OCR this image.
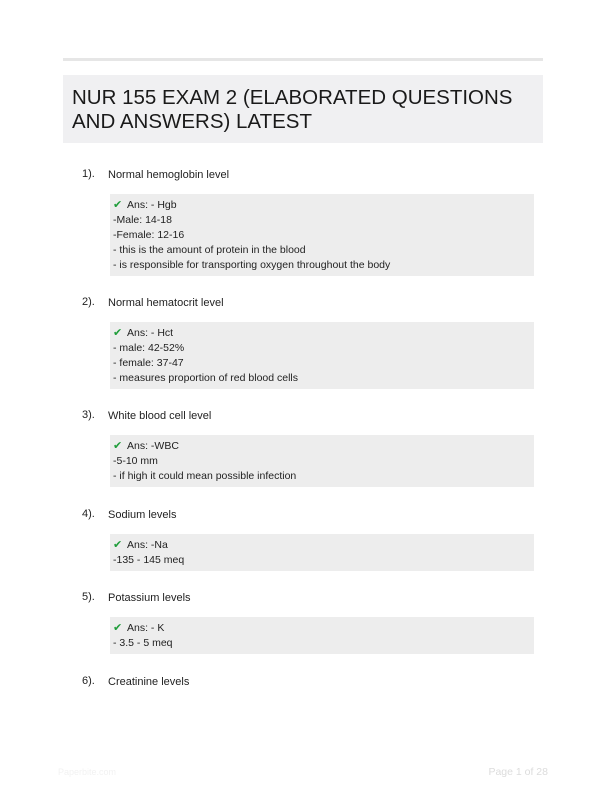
NUR 155 EXAM 2 (ELABORATED QUESTIONS AND ANSWERS) LATEST
1). Normal hemoglobin level
✔ Ans: - Hgb
-Male: 14-18
-Female: 12-16
- this is the amount of protein in the blood
- is responsible for transporting oxygen throughout the body
2). Normal hematocrit level
✔ Ans: - Hct
- male: 42-52%
- female: 37-47
- measures proportion of red blood cells
3). White blood cell level
✔ Ans: -WBC
-5-10 mm
- if high it could mean possible infection
4). Sodium levels
✔ Ans: -Na
-135 - 145 meq
5). Potassium levels
✔ Ans: - K
- 3.5 - 5 meq
6). Creatinine levels
Paperbite.com	Page 1 of 28
